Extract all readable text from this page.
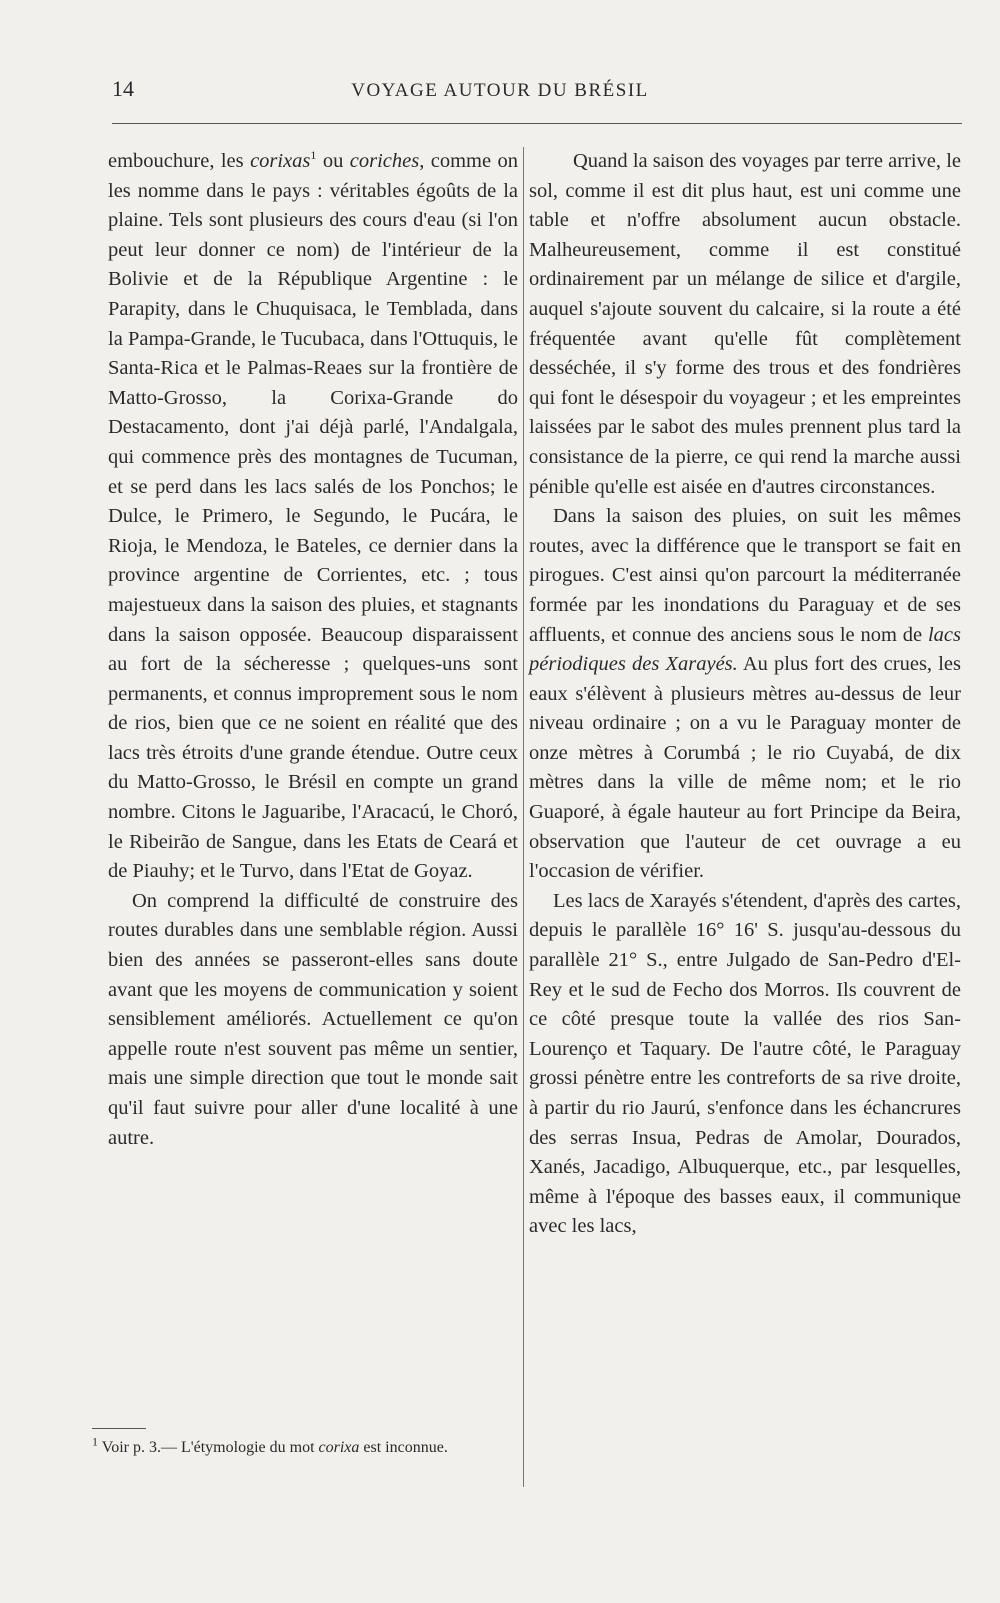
14	VOYAGE AUTOUR DU BRÉSIL

embouchure, les corixas$^1$ ou coriches, comme on les nomme dans le pays : véritables égoûts de la plaine. Tels sont plusieurs des cours d'eau (si l'on peut leur donner ce nom) de l'intérieur de la Bolivie et de la République Argentine : le Parapity, dans le Chuquisaca, le Temblada, dans la Pampa-Grande, le Tucubaca, dans l'Ottuquis, le Santa-Rica et le Palmas-Reaes sur la frontière de Matto-Grosso, la Corixa-Grande do Destacamento, dont j'ai déjà parlé, l'Andalgala, qui commence près des montagnes de Tucuman, et se perd dans les lacs salés de los Ponchos; le Dulce, le Primero, le Segundo, le Pucára, le Rioja, le Mendoza, le Bateles, ce dernier dans la province argentine de Corrientes, etc. ; tous majestueux dans la saison des pluies, et stagnants dans la saison opposée. Beaucoup disparaissent au fort de la sécheresse ; quelques-uns sont permanents, et connus improprement sous le nom de rios, bien que ce ne soient en réalité que des lacs très étroits d'une grande étendue. Outre ceux du Matto-Grosso, le Brésil en compte un grand nombre. Citons le Jaguaribe, l'Aracacú, le Choró, le Ribeirão de Sangue, dans les Etats de Ceará et de Piauhy; et le Turvo, dans l'Etat de Goyaz.

On comprend la difficulté de construire des routes durables dans une semblable région. Aussi bien des années se passeront-elles sans doute avant que les moyens de communication y soient sensiblement améliorés. Actuellement ce qu'on appelle route n'est souvent pas même un sentier, mais une simple direction que tout le monde sait qu'il faut suivre pour aller d'une localité à une autre.

Quand la saison des voyages par terre arrive, le sol, comme il est dit plus haut, est uni comme une table et n'offre absolument aucun obstacle. Malheureusement, comme il est constitué ordinairement par un mélange de silice et d'argile, auquel s'ajoute souvent du calcaire, si la route a été fréquentée avant qu'elle fût complètement desséchée, il s'y forme des trous et des fondrières qui font le désespoir du voyageur ; et les empreintes laissées par le sabot des mules prennent plus tard la consistance de la pierre, ce qui rend la marche aussi pénible qu'elle est aisée en d'autres circonstances.

Dans la saison des pluies, on suit les mêmes routes, avec la différence que le transport se fait en pirogues. C'est ainsi qu'on parcourt la méditerranée formée par les inondations du Paraguay et de ses affluents, et connue des anciens sous le nom de lacs périodiques des Xarayés. Au plus fort des crues, les eaux s'élèvent à plusieurs mètres au-dessus de leur niveau ordinaire ; on a vu le Paraguay monter de onze mètres à Corumbá ; le rio Cuyabá, de dix mètres dans la ville de même nom; et le rio Guaporé, à égale hauteur au fort Principe da Beira, observation que l'auteur de cet ouvrage a eu l'occasion de vérifier.

Les lacs de Xarayés s'étendent, d'après des cartes, depuis le parallèle 16° 16' S. jusqu'au-dessous du parallèle 21° S., entre Julgado de San-Pedro d'El-Rey et le sud de Fecho dos Morros. Ils couvrent de ce côté presque toute la vallée des rios San-Lourenço et Taquary. De l'autre côté, le Paraguay grossi pénètre entre les contreforts de sa rive droite, à partir du rio Jaurú, s'enfonce dans les échancrures des serras Insua, Pedras de Amolar, Dourados, Xanés, Jacadigo, Albuquerque, etc., par lesquelles, même à l'époque des basses eaux, il communique avec les lacs,

$^1$ Voir p. 3.— L'étymologie du mot corixa est inconnue.
